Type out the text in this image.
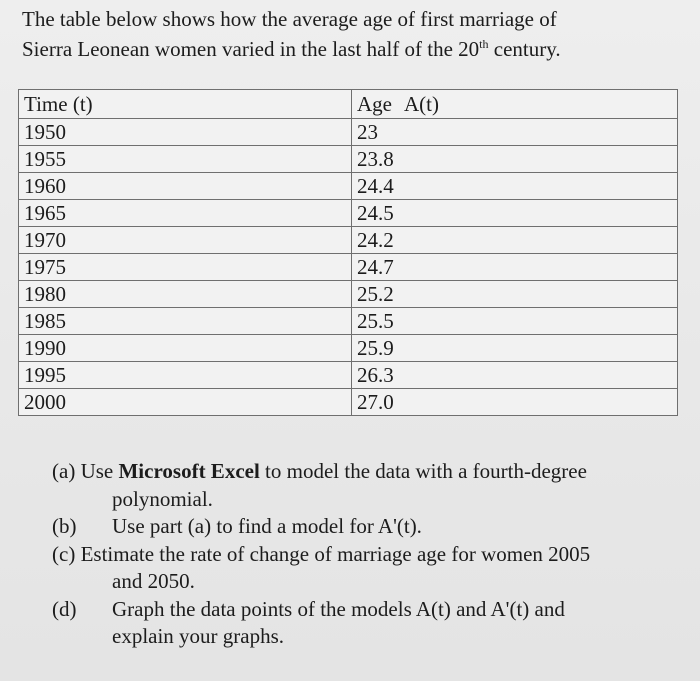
The table below shows how the average age of first marriage of
Sierra Leonean women varied in the last half of the 20th century.
Time (t)	Age A(t)
1950	23
1955	23.8
1960	24.4
1965	24.5
1970	24.2
1975	24.7
1980	25.2
1985	25.5
1990	25.9
1995	26.3
2000	27.0
(a) Use Microsoft Excel to model the data with a fourth-degree
polynomial.
(b)	Use part (a) to find a model for A'(t).
(c) Estimate the rate of change of marriage age for women 2005
and 2050.
(d)	Graph the data points of the models A(t) and A'(t) and
explain your graphs.
